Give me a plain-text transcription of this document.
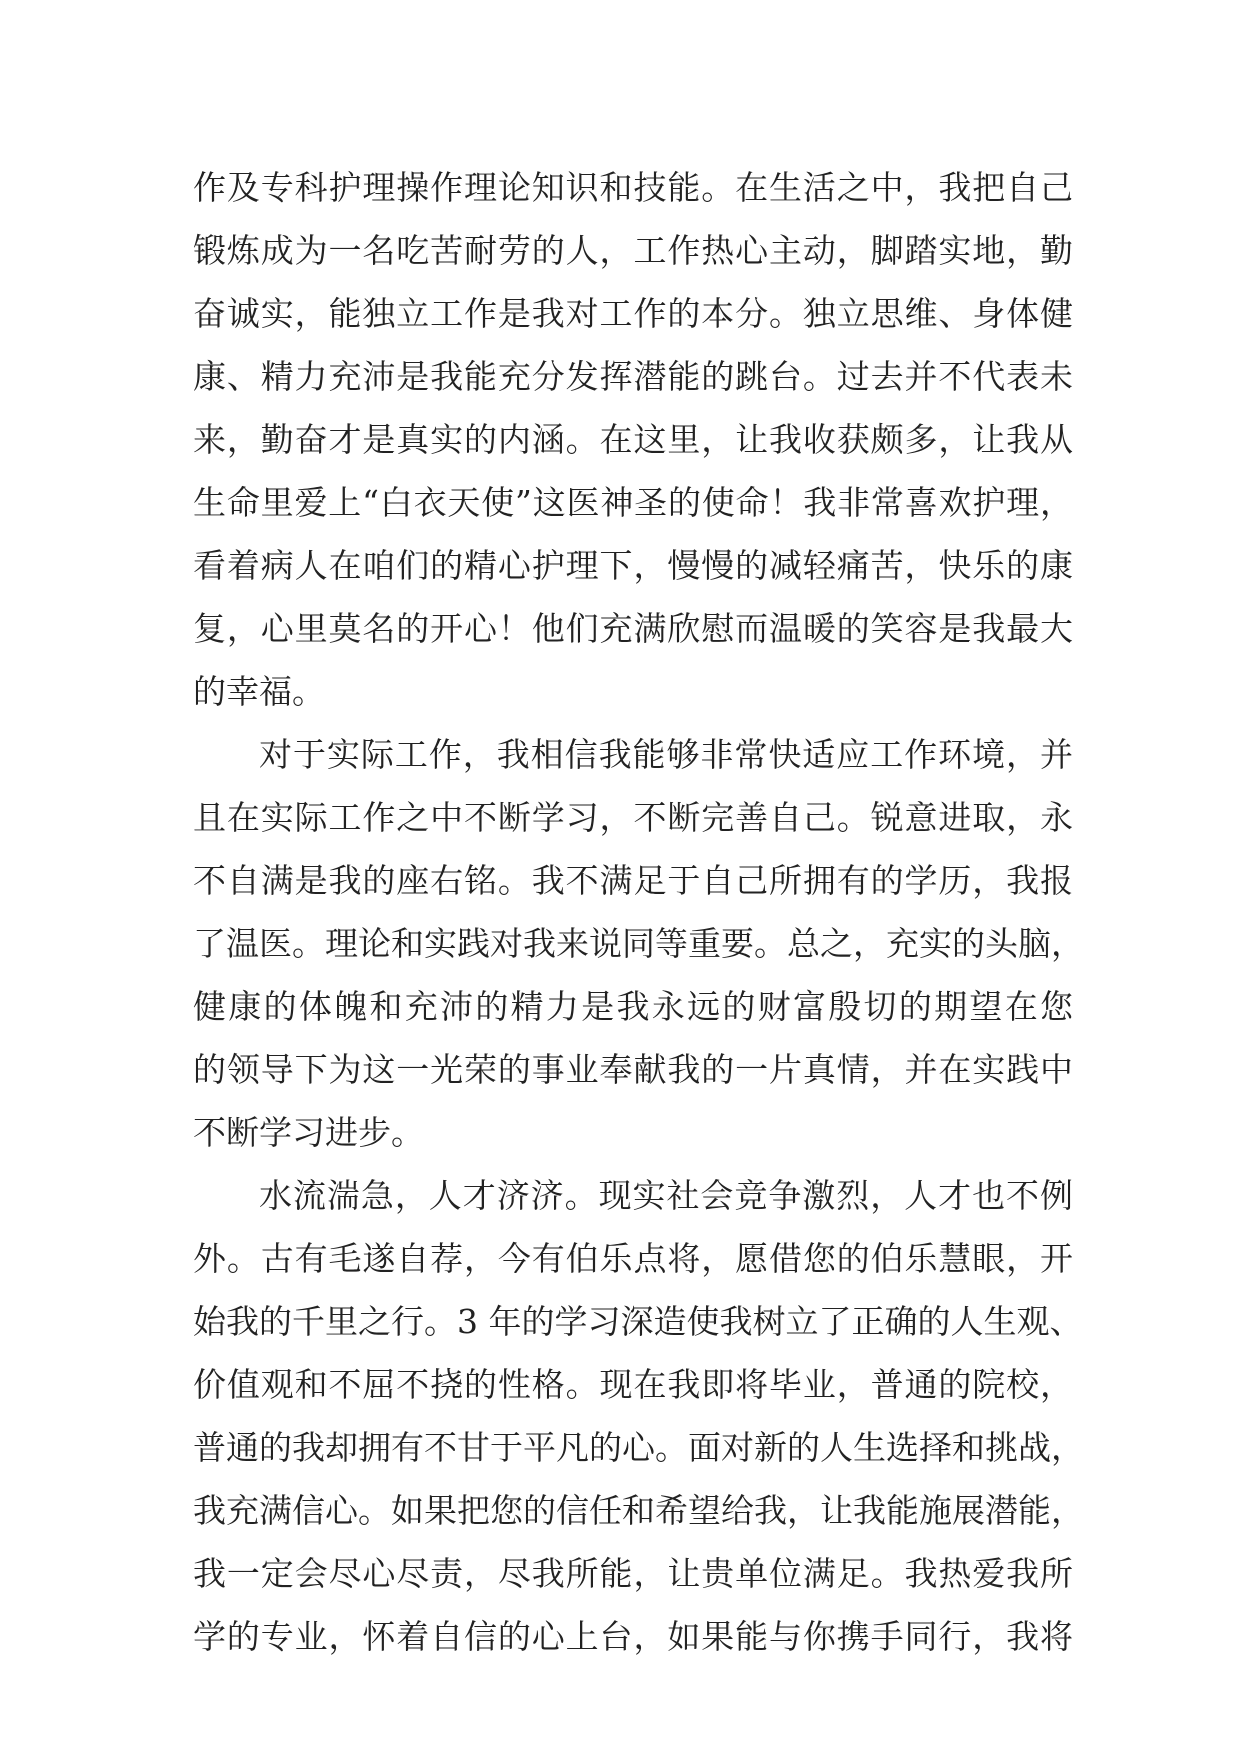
作及专科护理操作理论知识和技能。在生活之中，我把自己
锻炼成为一名吃苦耐劳的人，工作热心主动，脚踏实地，勤
奋诚实，能独立工作是我对工作的本分。独立思维、身体健
康、精力充沛是我能充分发挥潜能的跳台。过去并不代表未
来，勤奋才是真实的内涵。在这里，让我收获颇多，让我从
生命里爱上“白衣天使”这医神圣的使命！我非常喜欢护理，
看着病人在咱们的精心护理下，慢慢的减轻痛苦，快乐的康
复，心里莫名的开心！他们充满欣慰而温暖的笑容是我最大
的幸福。
对于实际工作，我相信我能够非常快适应工作环境，并
且在实际工作之中不断学习，不断完善自己。锐意进取，永
不自满是我的座右铭。我不满足于自己所拥有的学历，我报
了温医。理论和实践对我来说同等重要。总之，充实的头脑，
健康的体魄和充沛的精力是我永远的财富殷切的期望在您
的领导下为这一光荣的事业奉献我的一片真情，并在实践中
不断学习进步。
水流湍急，人才济济。现实社会竞争激烈，人才也不例
外。古有毛遂自荐，今有伯乐点将，愿借您的伯乐慧眼，开
始我的千里之行。3 年的学习深造使我树立了正确的人生观、
价值观和不屈不挠的性格。现在我即将毕业，普通的院校，
普通的我却拥有不甘于平凡的心。面对新的人生选择和挑战，
我充满信心。如果把您的信任和希望给我，让我能施展潜能，
我一定会尽心尽责，尽我所能，让贵单位满足。我热爱我所
学的专业，怀着自信的心上台，如果能与你携手同行，我将
